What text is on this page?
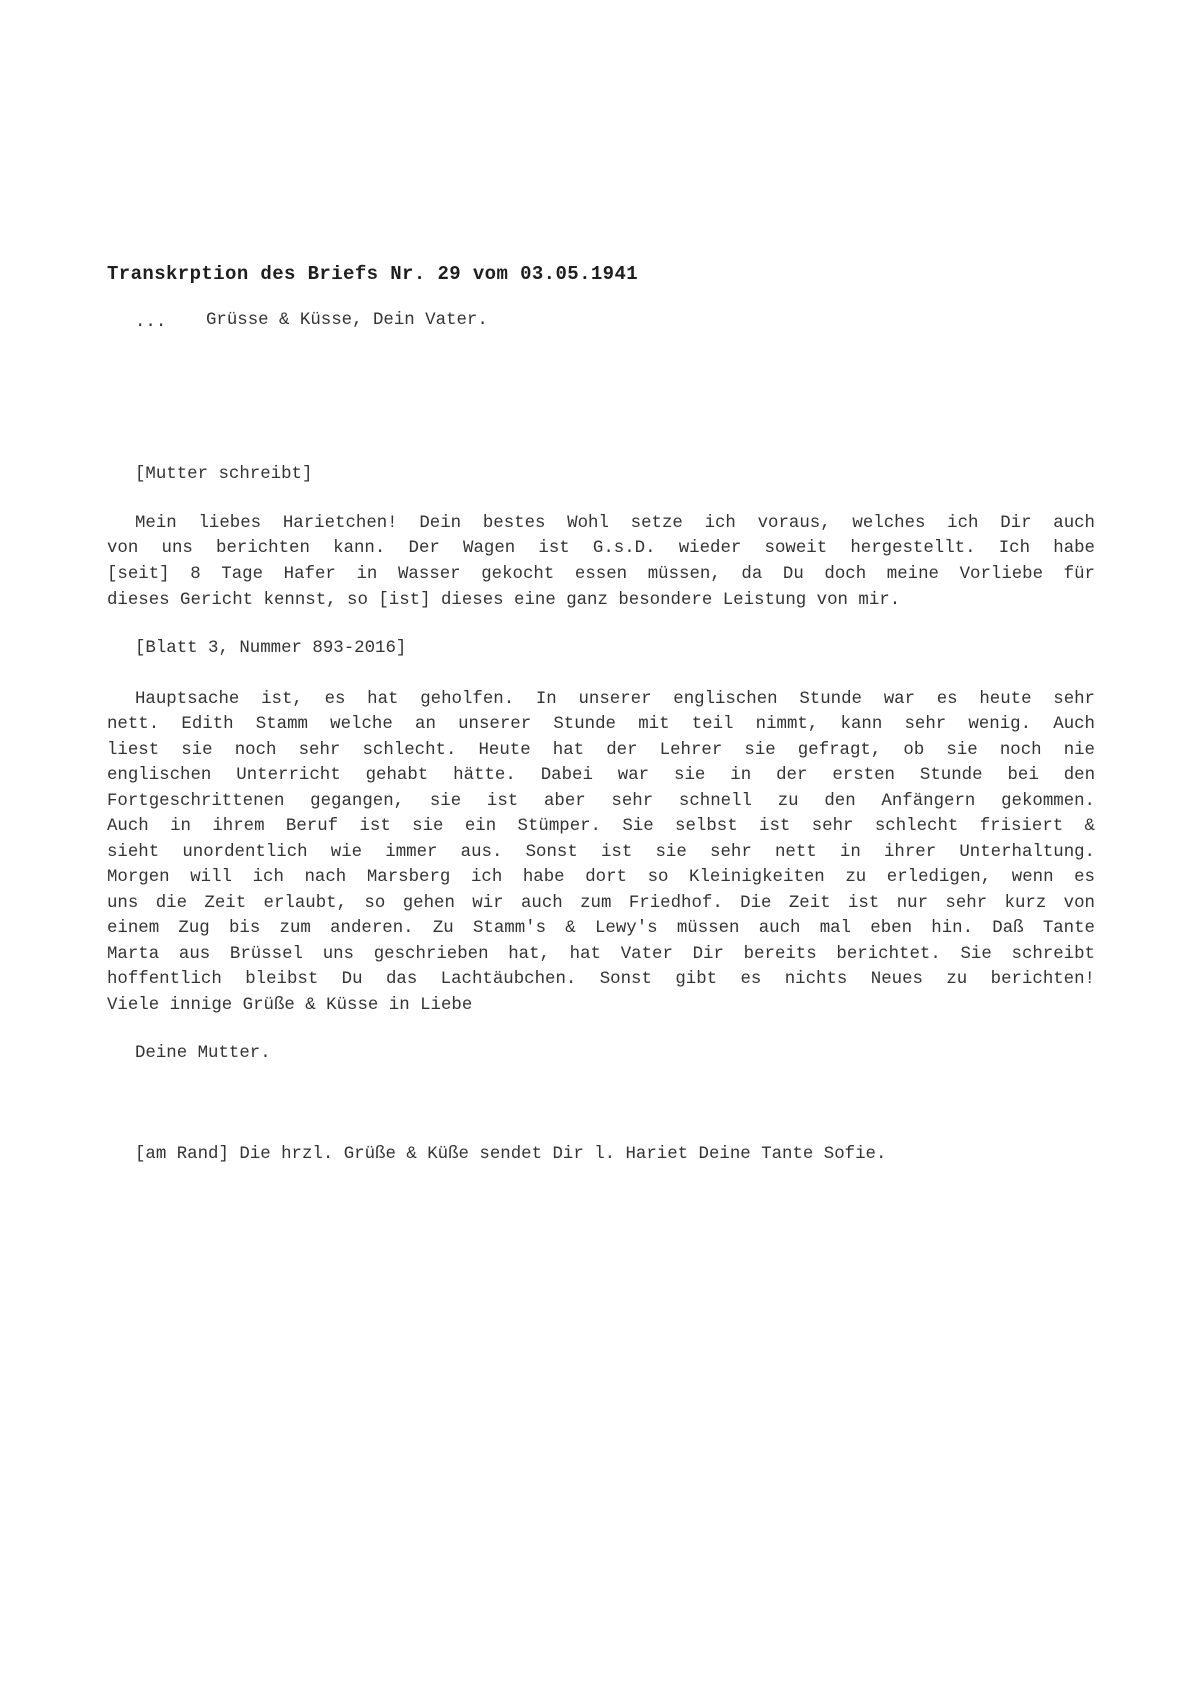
Transkrption des Briefs Nr. 29 vom 03.05.1941
... Grüsse & Küsse, Dein Vater.
[Mutter schreibt]
Mein liebes Harietchen! Dein bestes Wohl setze ich voraus, welches ich Dir auch
von uns berichten kann. Der Wagen ist G.s.D. wieder soweit hergestellt. Ich habe
[seit] 8 Tage Hafer in Wasser gekocht essen müssen, da Du doch meine Vorliebe für
dieses Gericht kennst, so [ist] dieses eine ganz besondere Leistung von mir.
[Blatt 3, Nummer 893-2016]
Hauptsache ist, es hat geholfen. In unserer englischen Stunde war es heute sehr
nett. Edith Stamm welche an unserer Stunde mit teil nimmt, kann sehr wenig. Auch
liest sie noch sehr schlecht. Heute hat der Lehrer sie gefragt, ob sie noch nie
englischen Unterricht gehabt hätte. Dabei war sie in der ersten Stunde bei den
Fortgeschrittenen gegangen, sie ist aber sehr schnell zu den Anfängern gekommen.
Auch in ihrem Beruf ist sie ein Stümper. Sie selbst ist sehr schlecht frisiert &
sieht unordentlich wie immer aus. Sonst ist sie sehr nett in ihrer Unterhaltung.
Morgen will ich nach Marsberg ich habe dort so Kleinigkeiten zu erledigen, wenn es
uns die Zeit erlaubt, so gehen wir auch zum Friedhof. Die Zeit ist nur sehr kurz von
einem Zug bis zum anderen. Zu Stamm's & Lewy's müssen auch mal eben hin. Daß Tante
Marta aus Brüssel uns geschrieben hat, hat Vater Dir bereits berichtet. Sie schreibt
hoffentlich bleibst Du das Lachtäubchen. Sonst gibt es nichts Neues zu berichten!
Viele innige Grüße & Küsse in Liebe
Deine Mutter.
[am Rand] Die hrzl. Grüße & Küße sendet Dir l. Hariet Deine Tante Sofie.
